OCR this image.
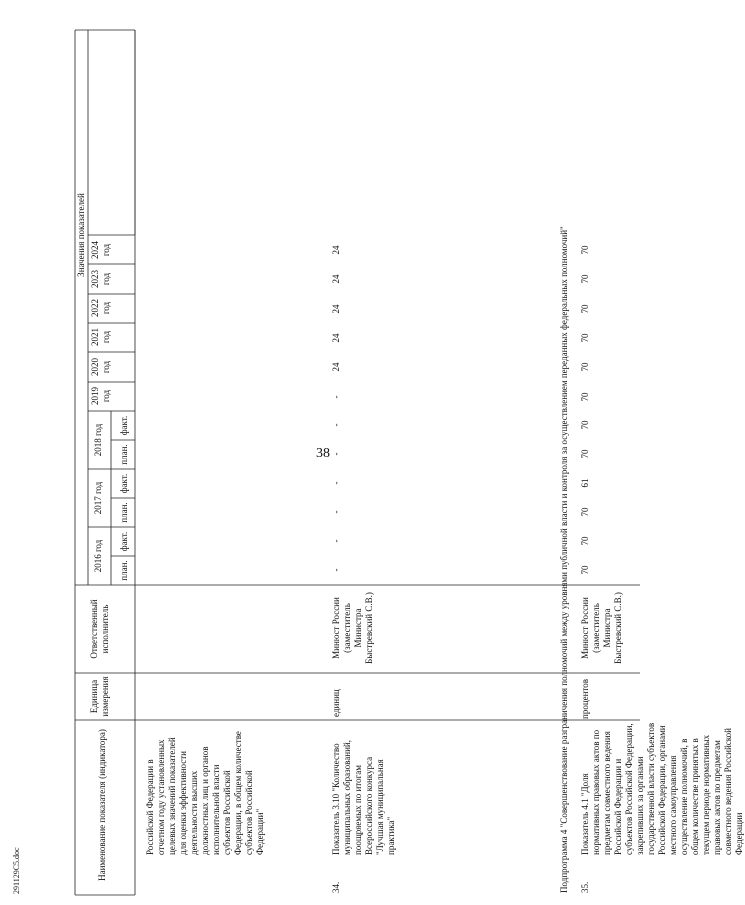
38
291129С5.doc	Наименование показателя (индикатора)
Единица измерения
Ответственный исполнитель
Значения показателей
2016 год
2017 год
2018 год
2019 год
2020 год
2021 год
2022 год
2023 год
2024 год
план.
факт.
план.
факт.
план.
факт.
Российской Федерации в отчетном году установленных целевых значений показателей для оценки эффективности деятельности высших должностных лиц и органов исполнительной власти субъектов Российской Федерации, в общем количестве субъектов Российской Федерации"
34.
Показатель 3.10 "Количество муниципальных образований, поощряемых по итогам Всероссийского конкурса "Лучшая муниципальная практика"
единиц
Минюст России (заместитель Министра Быстревский С.В.)
-
-
-
-
-
-
-
24
24
24
24
24	Подпрограмма 4 "Совершенствование разграничения полномочий между уровнями публичной власти и контроля за осуществлением переданных федеральных полномочий" 35.
Показатель 4.1 "Доля нормативных правовых актов по предметам совместного ведения Российской Федерации и субъектов Российской Федерации, закрепивших за органами государственной власти субъектов Российской Федерации, органами местного самоуправления осуществление полномочий, в общем количестве принятых в текущем периоде нормативных правовых актов по предметам совместного ведения Российской Федерации
процентов
Минюст России (заместитель Министра Быстревский С.В.)
70
70
70
61
70
70
70
70
70
70
70
70
